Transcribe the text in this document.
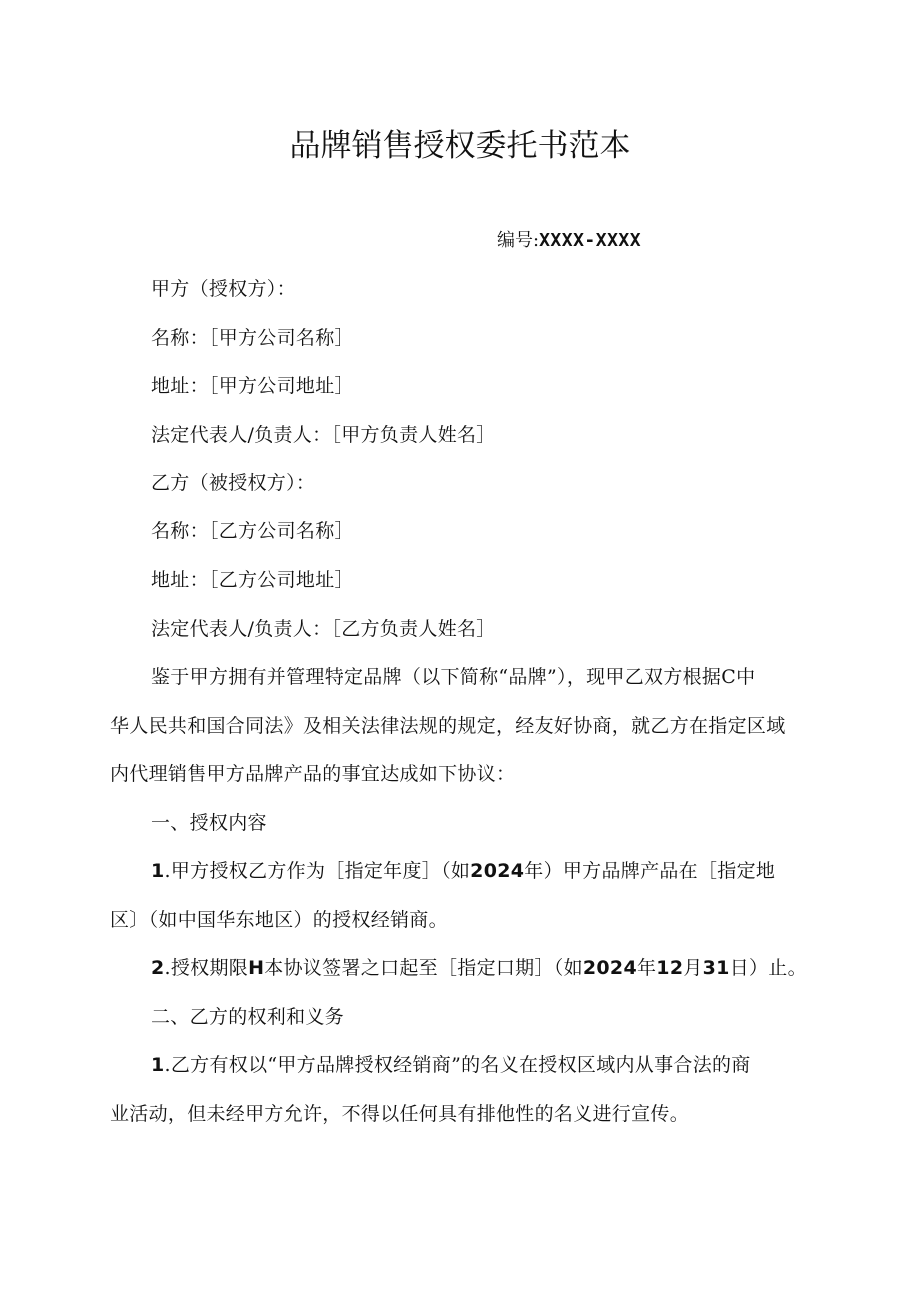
品牌销售授权委托书范本
编号:XXXX-XXXX
甲方（授权方）：
名称：［甲方公司名称］
地址：［甲方公司地址］
法定代表人/负责人：［甲方负责人姓名］
乙方（被授权方）：
名称：［乙方公司名称］
地址：［乙方公司地址］
法定代表人/负责人：［乙方负责人姓名］
鉴于甲方拥有并管理特定品牌（以下简称“品牌”），现甲乙双方根据C中
华人民共和国合同法》及相关法律法规的规定，经友好协商，就乙方在指定区域
内代理销售甲方品牌产品的事宜达成如下协议：
一、授权内容
1.甲方授权乙方作为［指定年度］（如2024年）甲方品牌产品在［指定地
区〕（如中国华东地区）的授权经销商。
2.授权期限H本协议签署之口起至［指定口期］（如2024年12月31日）止。
二、乙方的权利和义务
1.乙方有权以“甲方品牌授权经销商”的名义在授权区域内从事合法的商
业活动，但未经甲方允许，不得以任何具有排他性的名义进行宣传。
